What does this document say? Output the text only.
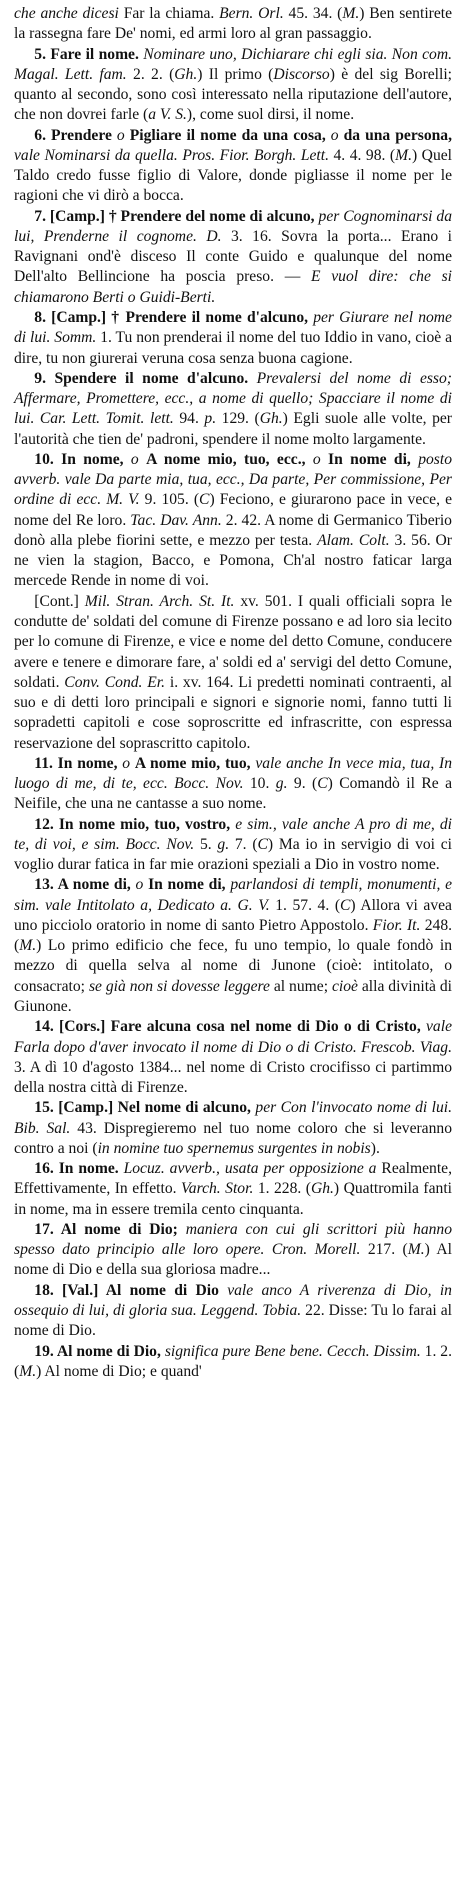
che anche dicesi Far la chiama. Bern. Orl. 45. 34. (M.) Ben sentirete la rassegna fare De' nomi, ed armi loro al gran passaggio.

5. Fare il nome. Nominare uno, Dichiarare chi egli sia. Non com. Magal. Lett. fam. 2. 2. (Gh.) Il primo (Discorso) è del sig Borelli; quanto al secondo, sono così interessato nella riputazione dell'autore, che non dovrei farle (a V. S.), come suol dirsi, il nome.

6. Prendere o Pigliare il nome da una cosa, o da una persona, vale Nominarsi da quella. Pros. Fior. Borgh. Lett. 4. 4. 98. (M.) Quel Taldo credo fusse figlio di Valore, donde pigliasse il nome per le ragioni che vi dirò a bocca.

7. [Camp.] † Prendere del nome di alcuno, per Cognominarsi da lui, Prenderne il cognome. D. 3. 16. Sovra la porta... Erano i Ravignani ond'è disceso Il conte Guido e qualunque del nome Dell'alto Bellincione ha poscia preso. — E vuol dire: che si chiamarono Berti o Guidi-Berti.

8. [Camp.] † Prendere il nome d'alcuno, per Giurare nel nome di lui. Somm. 1. Tu non prenderai il nome del tuo Iddio in vano, cioè a dire, tu non giurerai veruna cosa senza buona cagione.

9. Spendere il nome d'alcuno. Prevalersi del nome di esso; Affermare, Promettere, ecc., a nome di quello; Spacciare il nome di lui. Car. Lett. Tomit. lett. 94. p. 129. (Gh.) Egli suole alle volte, per l'autorità che tien de' padroni, spendere il nome molto largamente.

10. In nome, o A nome mio, tuo, ecc., o In nome di, posto avverb. vale Da parte mia, tua, ecc., Da parte, Per commissione, Per ordine di ecc. M. V. 9. 105. (C) Feciono, e giurarono pace in vece, e nome del Re loro. Tac. Dav. Ann. 2. 42. A nome di Germanico Tiberio donò alla plebe fiorini sette, e mezzo per testa. Alam. Colt. 3. 56. Or ne vien la stagion, Bacco, e Pomona, Ch'al nostro faticar larga mercede Rende in nome di voi.

[Cont.] Mil. Stran. Arch. St. It. xv. 501. I quali officiali sopra le condutte de' soldati del comune di Firenze possano e ad loro sia lecito per lo comune di Firenze, e vice e nome del detto Comune, conducere avere e tenere e dimorare fare, a' soldi ed a' servigi del detto Comune, soldati. Conv. Cond. Er. i. xv. 164. Li predetti nominati contraenti, al suo e di detti loro principali e signori e signorie nomi, fanno tutti li sopradetti capitoli e cose soproscritte ed infrascritte, con espressa reservazione del soprascritto capitolo.

11. In nome, o A nome mio, tuo, vale anche In vece mia, tua, In luogo di me, di te, ecc. Bocc. Nov. 10. g. 9. (C) Comandò il Re a Neifile, che una ne cantasse a suo nome.

12. In nome mio, tuo, vostro, e sim., vale anche A pro di me, di te, di voi, e sim. Bocc. Nov. 5. g. 7. (C) Ma io in servigio di voi ci voglio durar fatica in far mie orazioni speziali a Dio in vostro nome.

13. A nome di, o In nome di, parlandosi di templi, monumenti, e sim. vale Intitolato a, Dedicato a. G. V. 1. 57. 4. (C) Allora vi avea uno picciolo oratorio in nome di santo Pietro Appostolo. Fior. It. 248. (M.) Lo primo edificio che fece, fu uno tempio, lo quale fondò in mezzo di quella selva al nome di Junone (cioè: intitolato, o consacrato; se già non si dovesse leggere al nume; cioè alla divinità di Giunone.

14. [Cors.] Fare alcuna cosa nel nome di Dio o di Cristo, vale Farla dopo d'aver invocato il nome di Dio o di Cristo. Frescob. Viag. 3. A dì 10 d'agosto 1384... nel nome di Cristo crocifisso ci partimmo della nostra città di Firenze.

15. [Camp.] Nel nome di alcuno, per Con l'invocato nome di lui. Bib. Sal. 43. Dispregieremo nel tuo nome coloro che si leveranno contro a noi (in nomine tuo spernemus surgentes in nobis).

16. In nome. Locuz. avverb., usata per opposizione a Realmente, Effettivamente, In effetto. Varch. Stor. 1. 228. (Gh.) Quattromila fanti in nome, ma in essere tremila cento cinquanta.

17. Al nome di Dio; maniera con cui gli scrittori più hanno spesso dato principio alle loro opere. Cron. Morell. 217. (M.) Al nome di Dio e della sua gloriosa madre...

18. [Val.] Al nome di Dio vale anco A riverenza di Dio, in ossequio di lui, di gloria sua. Leggend. Tobia. 22. Disse: Tu lo farai al nome di Dio.

19. Al nome di Dio, significa pure Bene bene. Cecch. Dissim. 1. 2. (M.) Al nome di Dio; e quand'
